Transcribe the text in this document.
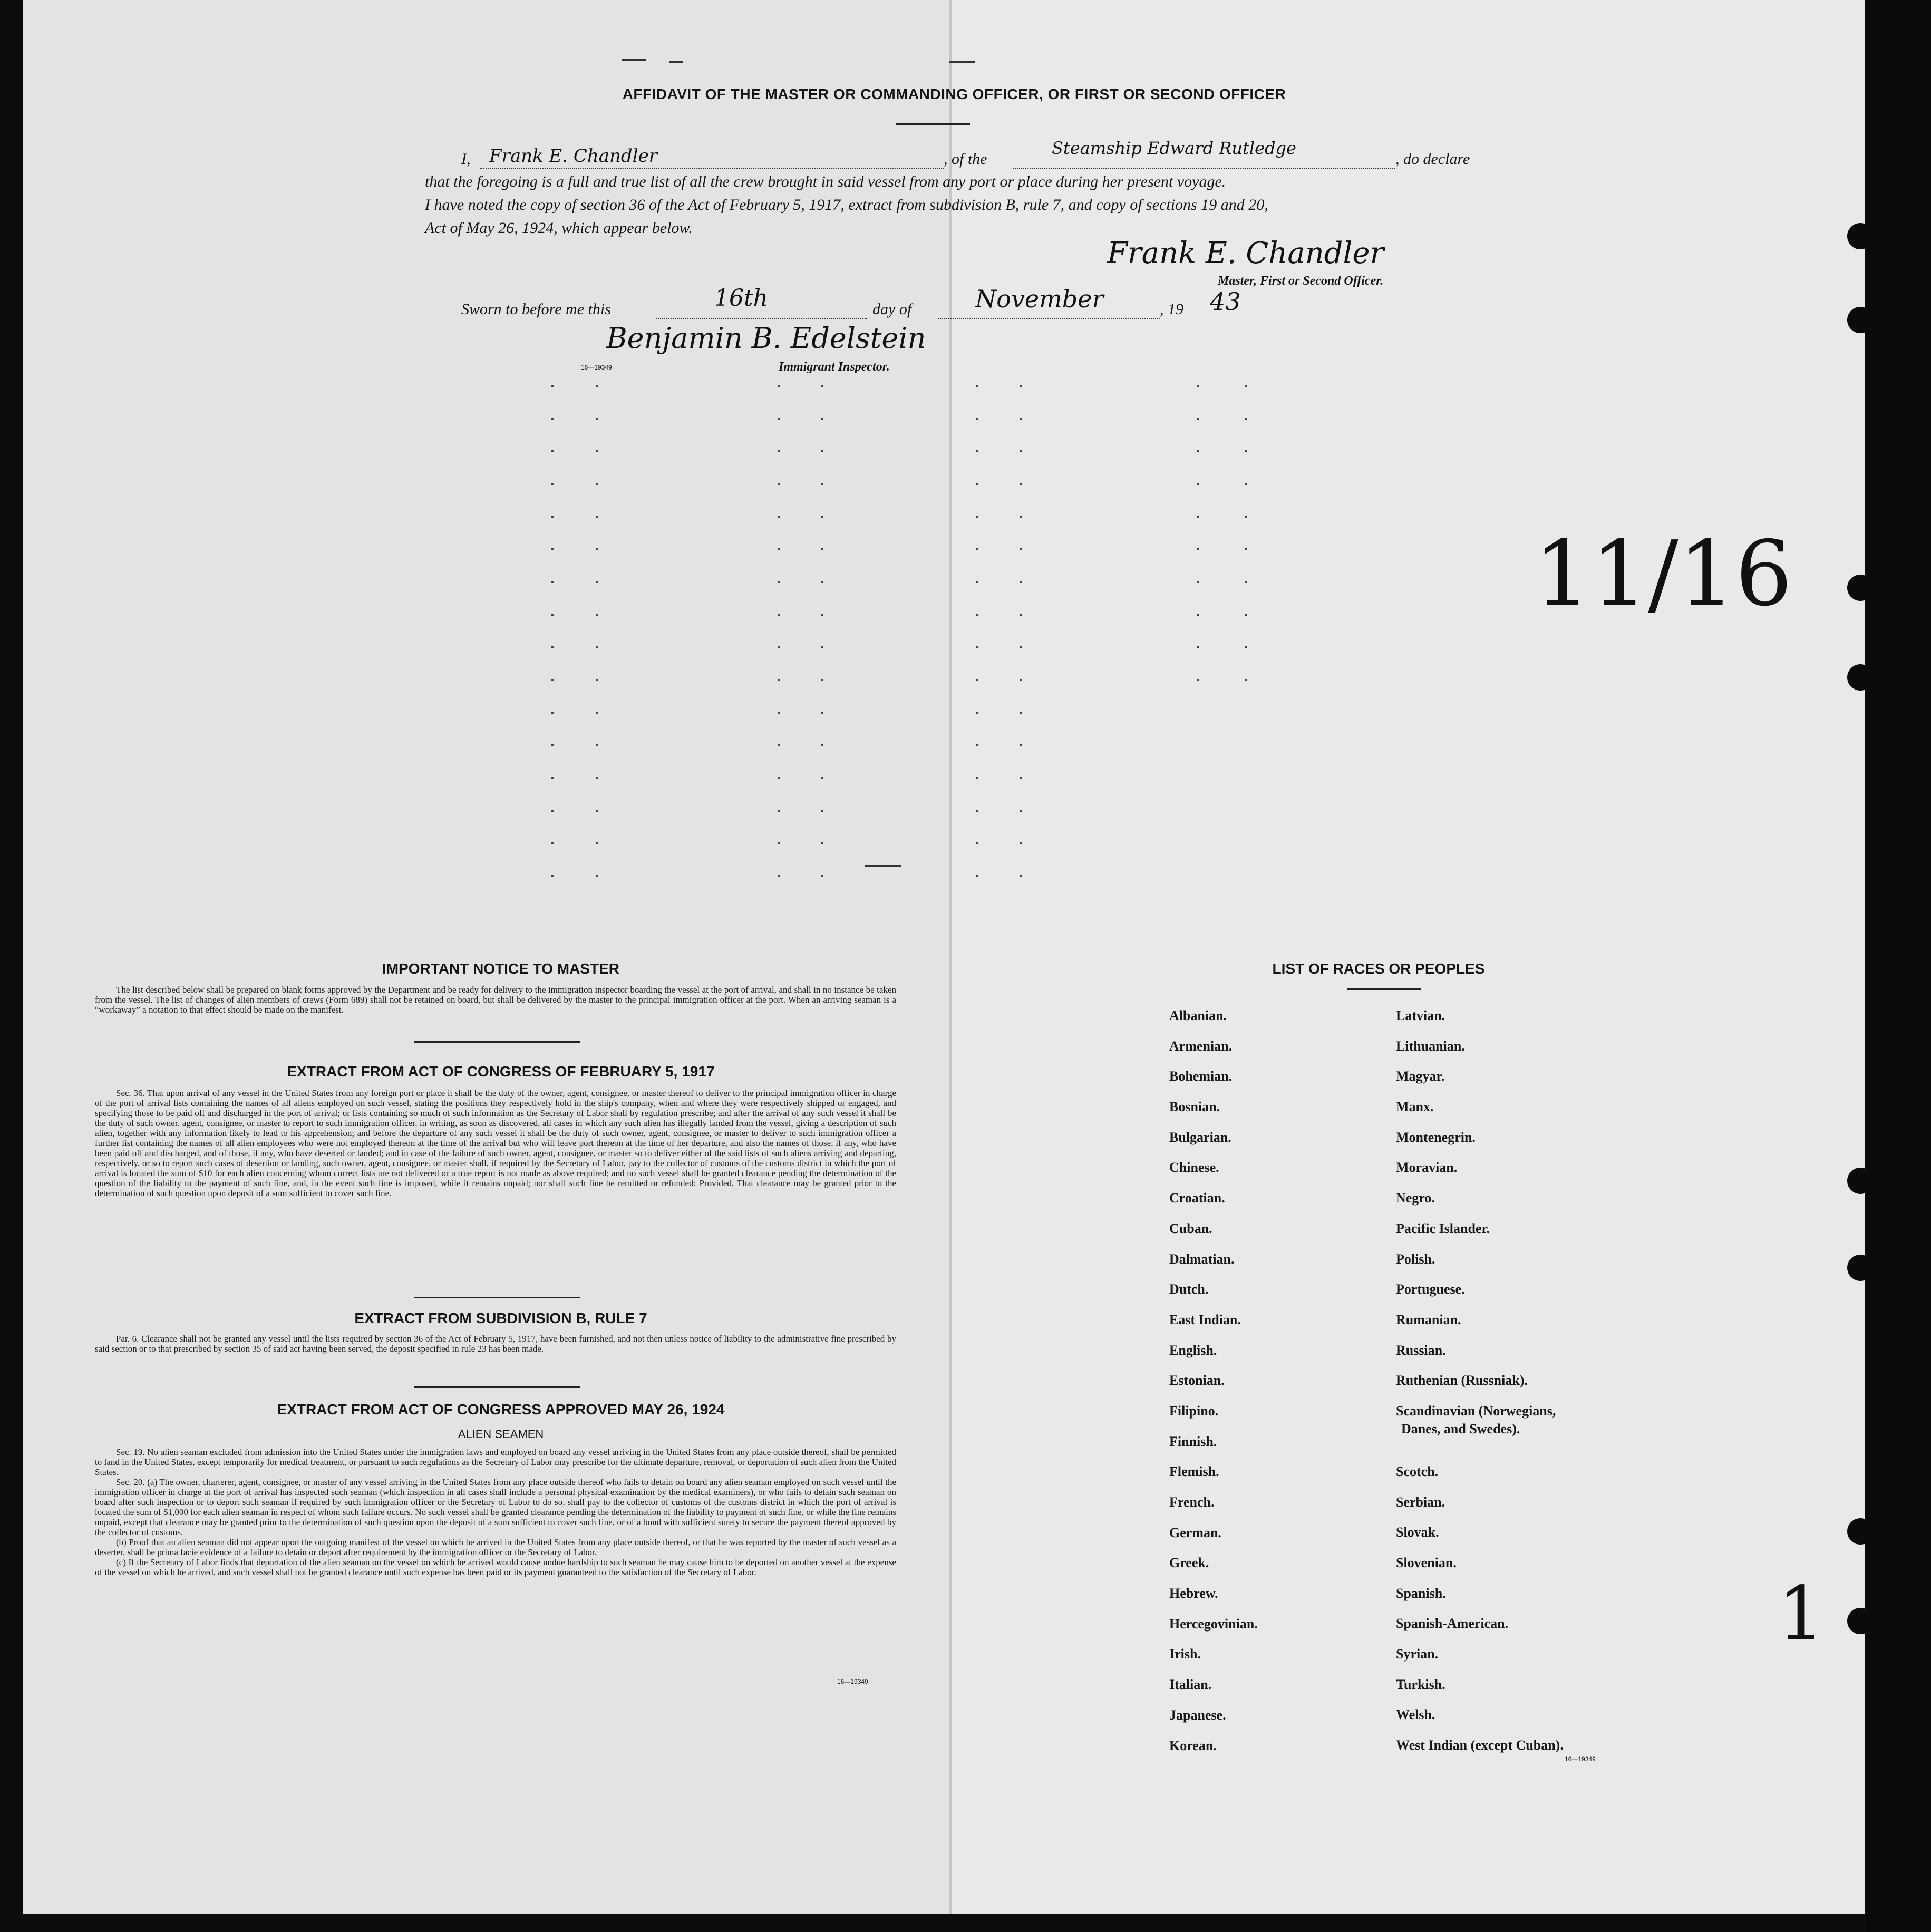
AFFIDAVIT OF THE MASTER OR COMMANDING OFFICER, OR FIRST OR SECOND OFFICER
I, Frank E. Chandler	, of the
Steamship Edward Rutledge
, do declare
that the foregoing is a full and true list of all the crew brought in said vessel from any port or place during her present voyage.
I have noted the copy of section 36 of the Act of February 5, 1917, extract from subdivision B, rule 7, and copy of sections 19 and 20,
Act of May 26, 1924, which appear below.
Frank E. Chandler
Master, First or Second Officer.
Sworn to before me this	16th	day of	November	, 19 43
Benjamin B. Edelstein
16—19349	Immigrant Inspector.
11/16
1
IMPORTANT NOTICE TO MASTER

The list described below shall be prepared on blank forms approved by the Department and be ready for delivery to the immigration inspector boarding the vessel at the port of arrival, and shall in no instance be taken from the vessel. The list of changes of alien members of crews (Form 689) shall not be retained on board, but shall be delivered by the master to the principal immigration officer at the port. When an arriving seaman is a “workaway” a notation to that effect should be made on the manifest.

EXTRACT FROM ACT OF CONGRESS OF FEBRUARY 5, 1917

Sec. 36. That upon arrival of any vessel in the United States from any foreign port or place it shall be the duty of the owner, agent, consignee, or master thereof to deliver to the principal immigration officer in charge of the port of arrival lists containing the names of all aliens employed on such vessel, stating the positions they respectively hold in the ship's company, when and where they were respectively shipped or engaged, and specifying those to be paid off and discharged in the port of arrival; or lists containing so much of such information as the Secretary of Labor shall by regulation prescribe; and after the arrival of any such vessel it shall be the duty of such owner, agent, consignee, or master to report to such immigration officer, in writing, as soon as discovered, all cases in which any such alien has illegally landed from the vessel, giving a description of such alien, together with any information likely to lead to his apprehension; and before the departure of any such vessel it shall be the duty of such owner, agent, consignee, or master to deliver to such immigration officer a further list containing the names of all alien employees who were not employed thereon at the time of the arrival but who will leave port thereon at the time of her departure, and also the names of those, if any, who have been paid off and discharged, and of those, if any, who have deserted or landed; and in case of the failure of such owner, agent, consignee, or master so to deliver either of the said lists of such aliens arriving and departing, respectively, or so to report such cases of desertion or landing, such owner, agent, consignee, or master shall, if required by the Secretary of Labor, pay to the collector of customs of the customs district in which the port of arrival is located the sum of $10 for each alien concerning whom correct lists are not delivered or a true report is not made as above required; and no such vessel shall be granted clearance pending the determination of the question of the liability to the payment of such fine, and, in the event such fine is imposed, while it remains unpaid; nor shall such fine be remitted or refunded: Provided, That clearance may be granted prior to the determination of such question upon deposit of a sum sufficient to cover such fine.

EXTRACT FROM SUBDIVISION B, RULE 7

Par. 6. Clearance shall not be granted any vessel until the lists required by section 36 of the Act of February 5, 1917, have been furnished, and not then unless notice of liability to the administrative fine prescribed by said section or to that prescribed by section 35 of said act having been served, the deposit specified in rule 23 has been made.

EXTRACT FROM ACT OF CONGRESS APPROVED MAY 26, 1924
ALIEN SEAMEN

Sec. 19. No alien seaman excluded from admission into the United States under the immigration laws and employed on board any vessel arriving in the United States from any place outside thereof, shall be permitted to land in the United States, except temporarily for medical treatment, or pursuant to such regulations as the Secretary of Labor may prescribe for the ultimate departure, removal, or deportation of such alien from the United States.

Sec. 20. (a) The owner, charterer, agent, consignee, or master of any vessel arriving in the United States from any place outside thereof who fails to detain on board any alien seaman employed on such vessel until the immigration officer in charge at the port of arrival has inspected such seaman (which inspection in all cases shall include a personal physical examination by the medical examiners), or who fails to detain such seaman on board after such inspection or to deport such seaman if required by such immigration officer or the Secretary of Labor to do so, shall pay to the collector of customs of the customs district in which the port of arrival is located the sum of $1,000 for each alien seaman in respect of whom such failure occurs. No such vessel shall be granted clearance pending the determination of the liability to payment of such fine, or while the fine remains unpaid, except that clearance may be granted prior to the determination of such question upon the deposit of a sum sufficient to cover such fine, or of a bond with sufficient surety to secure the payment thereof approved by the collector of customs.

(b) Proof that an alien seaman did not appear upon the outgoing manifest of the vessel on which he arrived in the United States from any place outside thereof, or that he was reported by the master of such vessel as a deserter, shall be prima facie evidence of a failure to detain or deport after requirement by the immigration officer or the Secretary of Labor.

(c) If the Secretary of Labor finds that deportation of the alien seaman on the vessel on which he arrived would cause undue hardship to such seaman he may cause him to be deported on another vessel at the expense of the vessel on which he arrived, and such vessel shall not be granted clearance until such expense has been paid or its payment guaranteed to the satisfaction of the Secretary of Labor.

16—19349
LIST OF RACES OR PEOPLES
Albanian.
Armenian.
Bohemian.
Bosnian.
Bulgarian.
Chinese.
Croatian.
Cuban.
Dalmatian.
Dutch.
East Indian.
English.
Estonian.
Filipino.
Finnish.
Flemish.
French.
German.
Greek.
Hebrew.
Hercegovinian.
Irish.
Italian.
Japanese.
Korean.
Latvian.
Lithuanian.
Magyar.
Manx.
Montenegrin.
Moravian.
Negro.
Pacific Islander.
Polish.
Portuguese.
Rumanian.
Russian.
Ruthenian (Russniak).
Scandinavian (Norwegians,
Danes, and Swedes).
Scotch.
Serbian.
Slovak.
Slovenian.
Spanish.
Spanish-American.
Syrian.
Turkish.
Welsh.
West Indian (except Cuban).
16—19349
